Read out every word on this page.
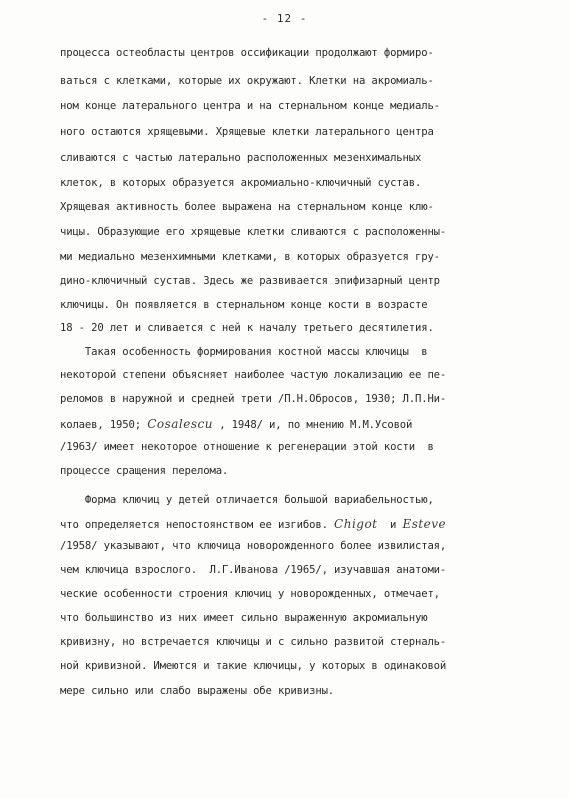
- 12 -
процесса остеобласты центров оссификации продолжают формиро-
ваться с клетками, которые их окружают. Клетки на акромиаль-
ном конце латерального центра и на стернальном конце медиаль-
ного остаются хрящевыми. Хрящевые клетки латерального центра
сливаются с частью латерально расположенных мезенхимальных
клеток, в которых образуется акромиально-ключичный сустав.
Хрящевая активность более выражена на стернальном конце клю-
чицы. Образующие его хрящевые клетки сливаются с расположенны-
ми медиально мезенхимными клетками, в которых образуется гру-
дино-ключичный сустав. Здесь же развивается эпифизарный центр
ключицы. Он появляется в стернальном конце кости в возрасте
18 - 20 лет и сливается с ней к началу третьего десятилетия.
Такая особенность формирования костной массы ключицы  в
некоторой степени объясняет наиболее частую локализацию ее пе-
реломов в наружной и средней трети /П.Н.Обросов, 1930; Л.П.Ни-
колаев, 1950; Cosalescu , 1948/ и, по мнению М.М.Усовой
/1963/ имеет некоторое отношение к регенерации этой кости  в
процессе сращения перелома.
Форма ключиц у детей отличается большой вариабельностью,
что определяется непостоянством ее изгибов. Chigot  и Esteve
/1958/ указывают, что ключица новорожденного более извилистая,
чем ключица взрослого.  Л.Г.Иванова /1965/, изучавшая анатоми-
ческие особенности строения ключиц у новорожденных, отмечает,
что большинство из них имеет сильно выраженную акромиальную
кривизну, но встречается ключицы и с сильно развитой стерналь-
ной кривизной. Имеются и такие ключицы, у которых в одинаковой
мере сильно или слабо выражены обе кривизны.
